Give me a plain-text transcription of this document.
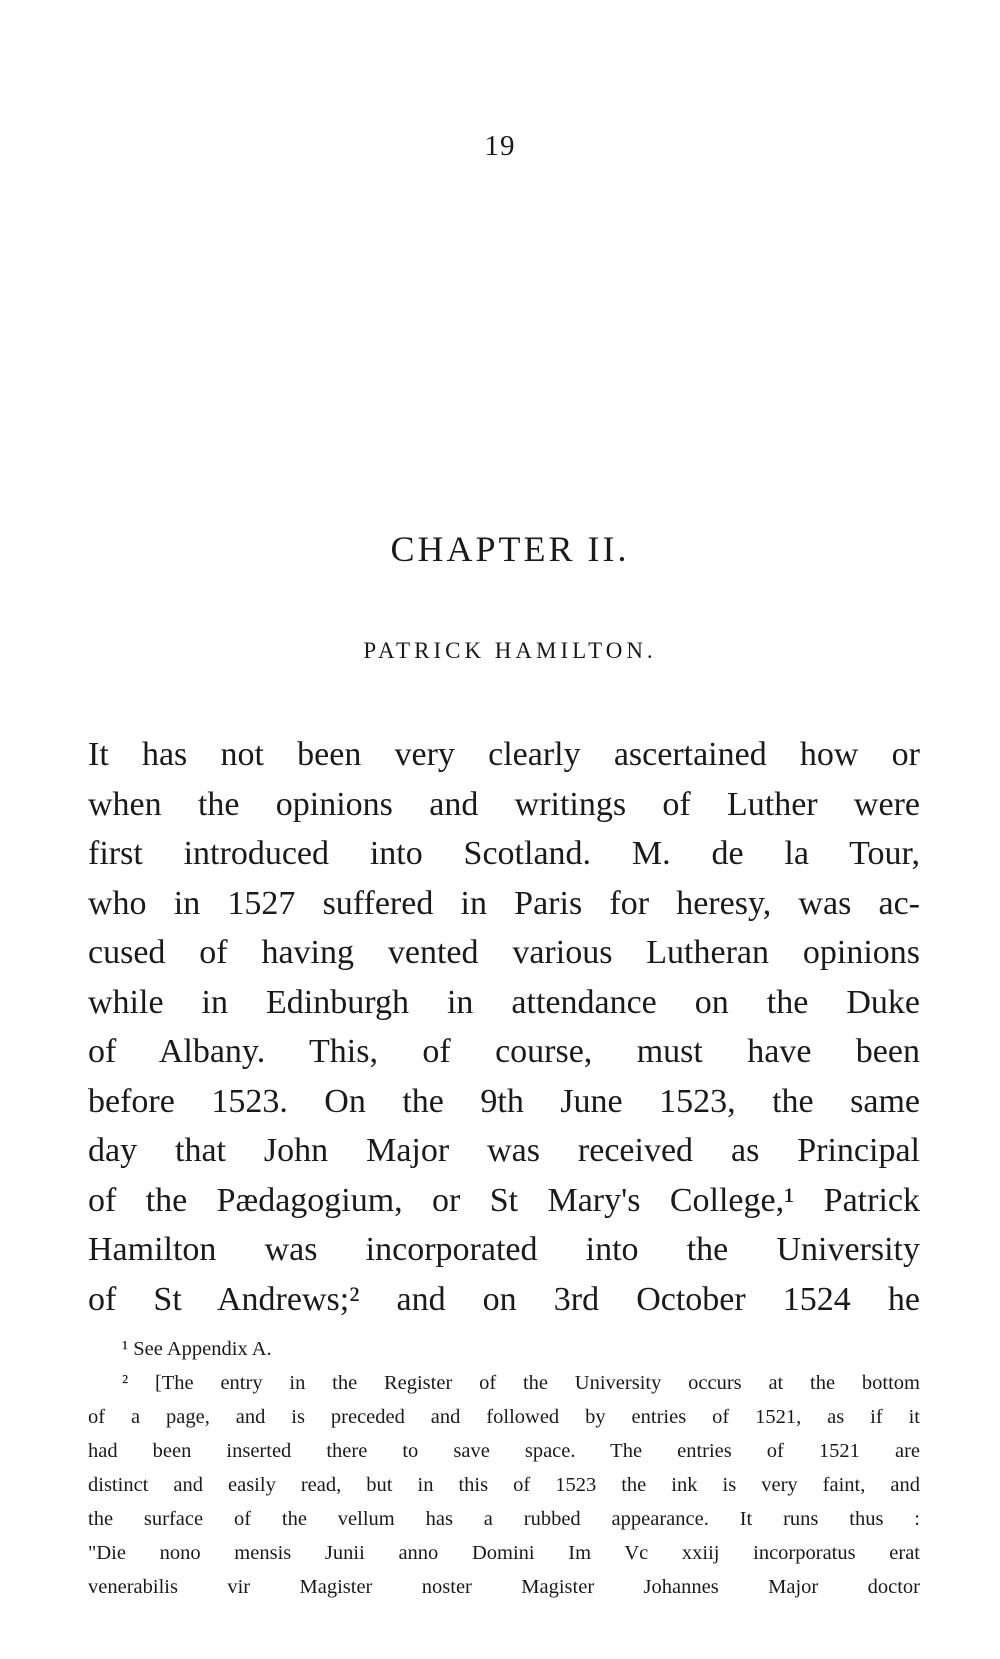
19
CHAPTER II.
PATRICK HAMILTON.
It has not been very clearly ascertained how or
when the opinions and writings of Luther were
first introduced into Scotland. M. de la Tour,
who in 1527 suffered in Paris for heresy, was ac-
cused of having vented various Lutheran opinions
while in Edinburgh in attendance on the Duke
of Albany. This, of course, must have been
before 1523. On the 9th June 1523, the same
day that John Major was received as Principal
of the Pædagogium, or St Mary's College,¹ Patrick
Hamilton was incorporated into the University
of St Andrews;² and on 3rd October 1524 he
¹ See Appendix A.
² [The entry in the Register of the University occurs at the bottom
of a page, and is preceded and followed by entries of 1521, as if it
had been inserted there to save space. The entries of 1521 are
distinct and easily read, but in this of 1523 the ink is very faint, and
the surface of the vellum has a rubbed appearance. It runs thus :
"Die nono mensis Junii anno Domini Im Vc xxiij incorporatus erat
venerabilis vir Magister noster Magister Johannes Major doctor
